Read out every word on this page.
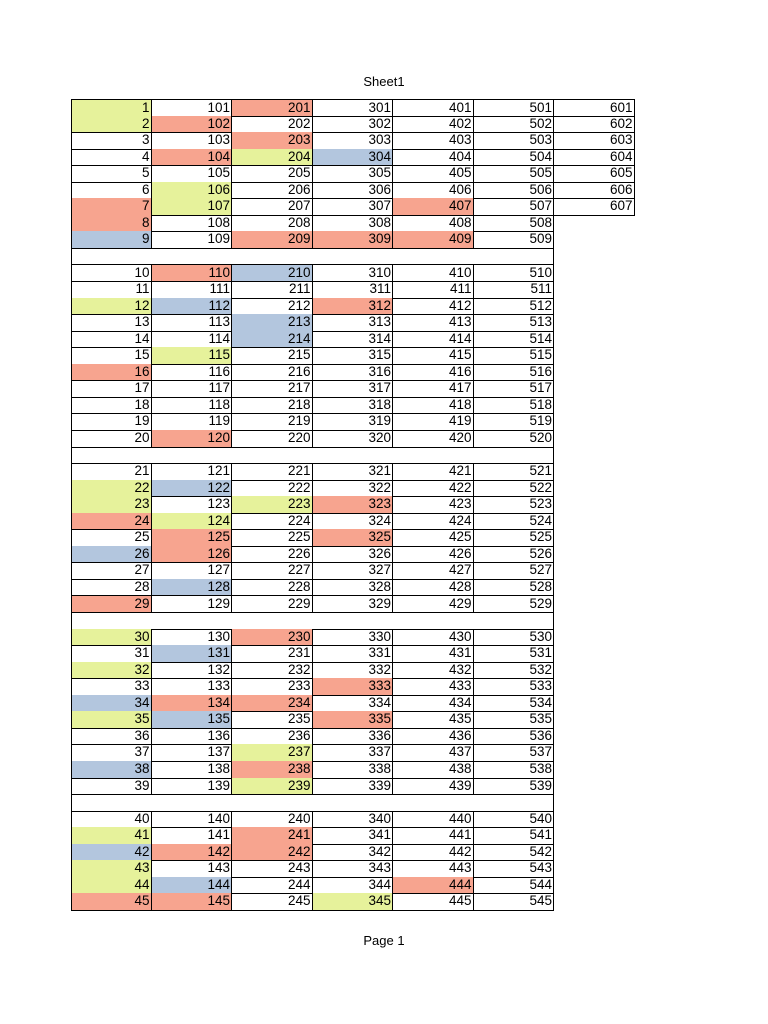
Sheet1
1	101	201	301	401	501	601
2	102	202	302	402	502	602
3	103	203	303	403	503	603
4	104	204	304	404	504	604
5	105	205	305	405	505	605
6	106	206	306	406	506	606
7	107	207	307	407	507	607
8	108	208	308	408	508
9	109	209	309	409	509
10	110	210	310	410	510
11	111	211	311	411	511
12	112	212	312	412	512
13	113	213	313	413	513
14	114	214	314	414	514
15	115	215	315	415	515
16	116	216	316	416	516
17	117	217	317	417	517
18	118	218	318	418	518
19	119	219	319	419	519
20	120	220	320	420	520
21	121	221	321	421	521
22	122	222	322	422	522
23	123	223	323	423	523
24	124	224	324	424	524
25	125	225	325	425	525
26	126	226	326	426	526
27	127	227	327	427	527
28	128	228	328	428	528
29	129	229	329	429	529
30	130	230	330	430	530
31	131	231	331	431	531
32	132	232	332	432	532
33	133	233	333	433	533
34	134	234	334	434	534
35	135	235	335	435	535
36	136	236	336	436	536
37	137	237	337	437	537
38	138	238	338	438	538
39	139	239	339	439	539
40	140	240	340	440	540
41	141	241	341	441	541
42	142	242	342	442	542
43	143	243	343	443	543
44	144	244	344	444	544
45	145	245	345	445	545
Page 1
